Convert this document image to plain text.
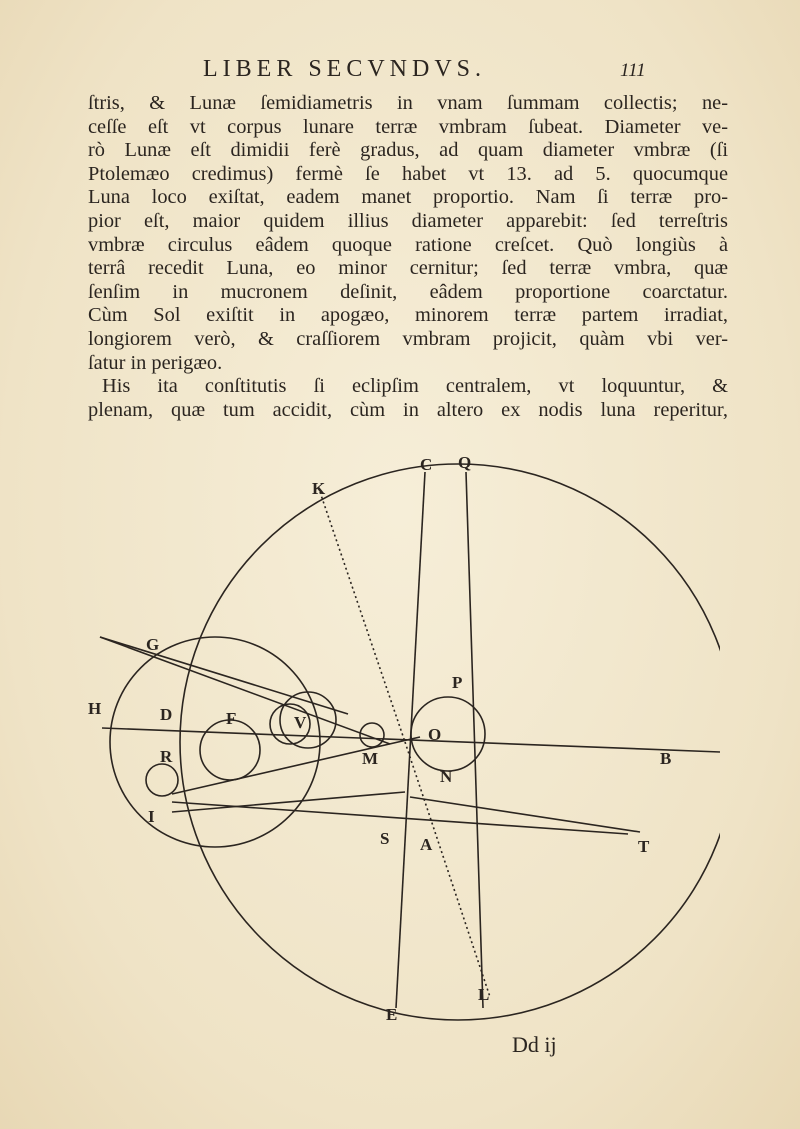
LIBER SECVNDVS.	111
ſtris, & Lunæ ſemidiametris in vnam ſummam collectis; ne-
ceſſe eſt vt corpus lunare terræ vmbram ſubeat. Diameter ve-
rò Lunæ eſt dimidii ferè gradus, ad quam diameter vmbræ (ſi
Ptolemæo credimus) fermè ſe habet vt 13. ad 5. quocumque
Luna loco exiſtat, eadem manet proportio. Nam ſi terræ pro-
pior eſt, maior quidem illius diameter apparebit: ſed terreſtris
vmbræ circulus eâdem quoque ratione creſcet. Quò longiùs à
terrâ recedit Luna, eo minor cernitur; ſed terræ vmbra, quæ
ſenſim in mucronem deſinit, eâdem proportione coarctatur.
Cùm Sol exiſtit in apogæo, minorem terræ partem irradiat,
longiorem verò, & craſſiorem vmbram projicit, quàm vbi ver-
ſatur in perigæo.
His ita conſtitutis ſi eclipſim centralem, vt loquuntur, &
plenam, quæ tum accidit, cùm in altero ex nodis luna reperitur,
C Q
K
G
H	D	F	V
R	M
P
O
N
B
I
S A	T
E
L
Dd ij
